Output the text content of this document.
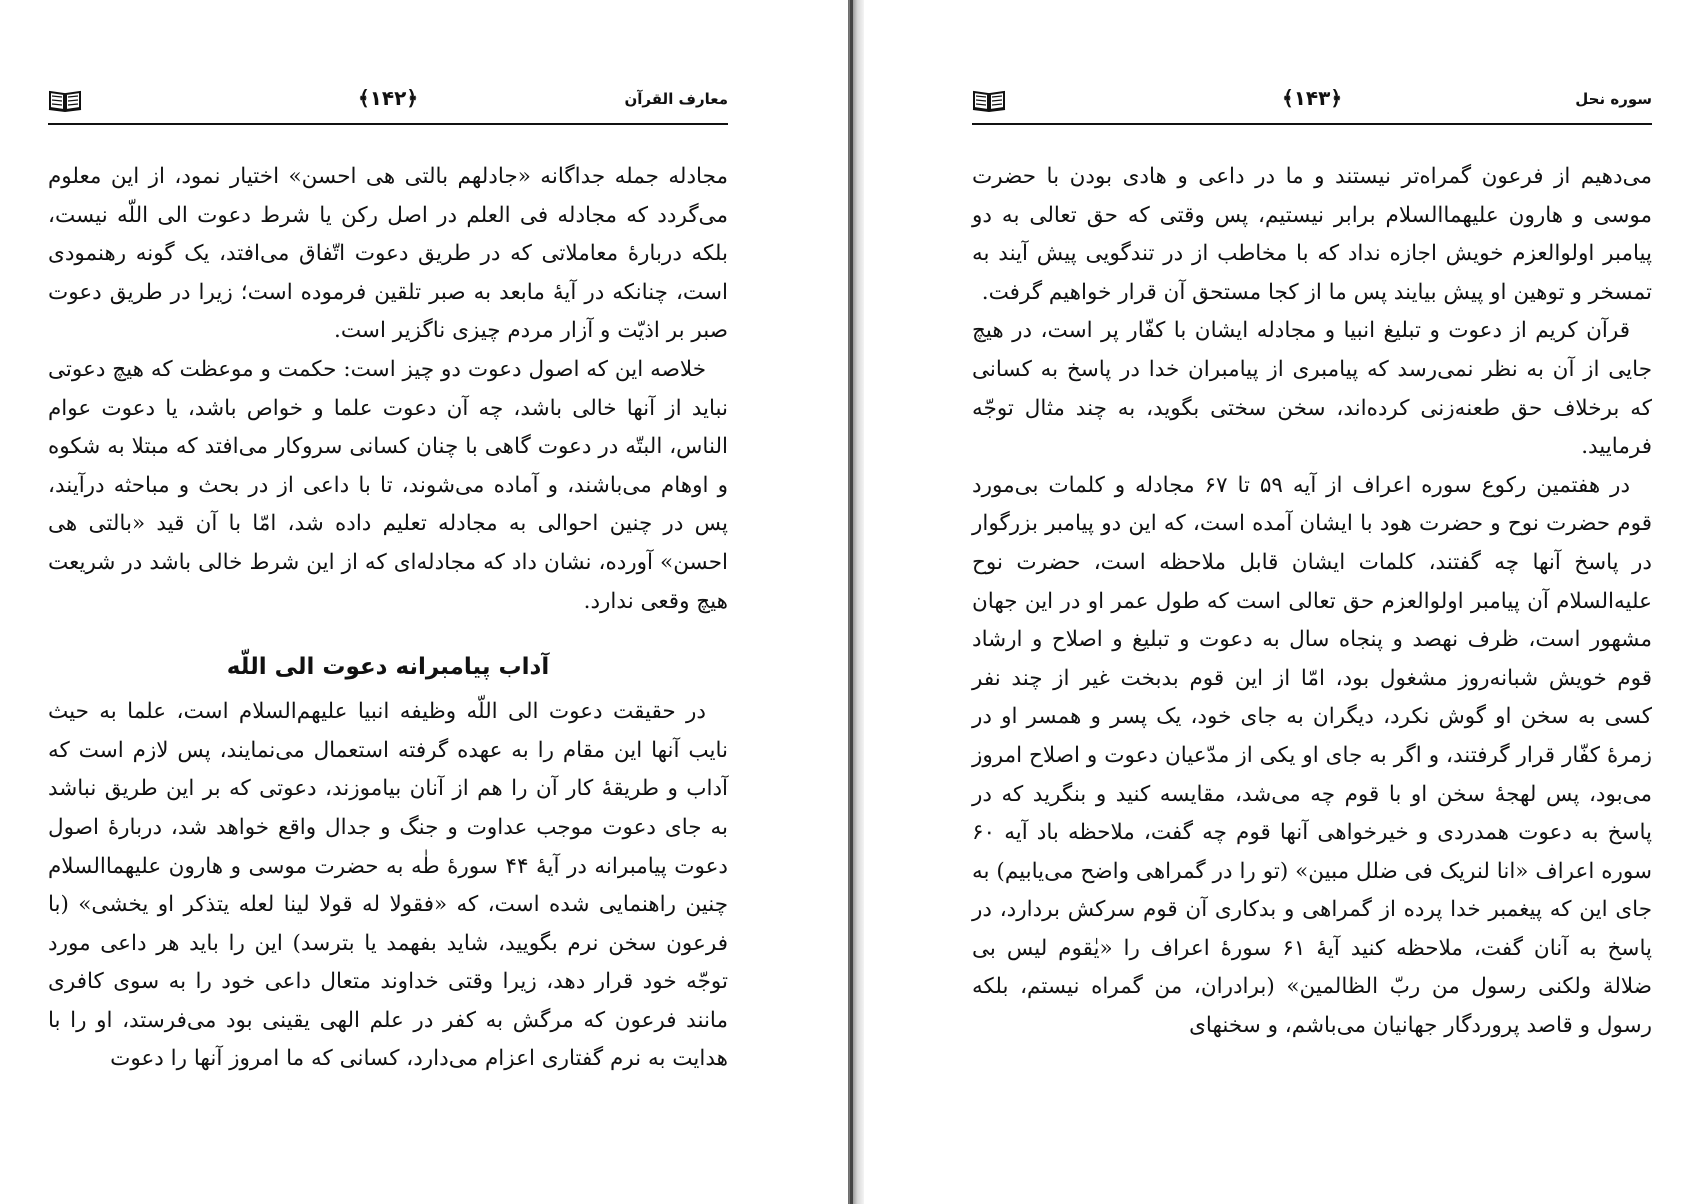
معارف القرآن
﴿۱۴۲﴾

مجادله جمله جداگانه «جادلهم بالتی هی احسن» اختیار نمود، از این معلوم می‌گردد که مجادله فی العلم در اصل رکن یا شرط دعوت الی اللّه نیست، بلکه دربارهٔ معاملاتی که در طریق دعوت اتّفاق می‌افتد، یک گونه رهنمودی است، چنانکه در آیهٔ مابعد به صبر تلقین فرموده است؛ زیرا در طریق دعوت صبر بر اذیّت و آزار مردم چیزی ناگزیر است.

خلاصه این که اصول دعوت دو چیز است: حکمت و موعظت که هیچ دعوتی نباید از آنها خالی باشد، چه آن دعوت علما و خواص باشد، یا دعوت عوام الناس، البتّه در دعوت گاهی با چنان کسانی سروکار می‌افتد که مبتلا به شکوه و اوهام می‌باشند، و آماده می‌شوند، تا با داعی از در بحث و مباحثه درآیند، پس در چنین احوالی به مجادله تعلیم داده شد، امّا با آن قید «بالتی هی احسن» آورده، نشان داد که مجادله‌ای که از این شرط خالی باشد در شریعت هیچ وقعی ندارد.

آداب پیامبرانه دعوت الی اللّه

در حقیقت دعوت الی اللّه وظیفه انبیا علیهم‌السلام است، علما به حیث نایب آنها این مقام را به عهده گرفته استعمال می‌نمایند، پس لازم است که آداب و طریقهٔ کار آن را هم از آنان بیاموزند، دعوتی که بر این طریق نباشد به جای دعوت موجب عداوت و جنگ و جدال واقع خواهد شد، دربارهٔ اصول دعوت پیامبرانه در آیهٔ ۴۴ سورهٔ طٰه به حضرت موسی و هارون علیهماالسلام چنین راهنمایی شده است، که «فقولا له قولا لینا لعله یتذکر او یخشی» (با فرعون سخن نرم بگویید، شاید بفهمد یا بترسد) این را باید هر داعی مورد توجّه خود قرار دهد، زیرا وقتی خداوند متعال داعی خود را به سوی کافری مانند فرعون که مرگش به کفر در علم الهی یقینی بود می‌فرستد، او را با هدایت به نرم گفتاری اعزام می‌دارد، کسانی که ما امروز آنها را دعوت

سوره نحل
﴿۱۴۳﴾

می‌دهیم از فرعون گمراه‌تر نیستند و ما در داعی و هادی بودن با حضرت موسی و هارون علیهماالسلام برابر نیستیم، پس وقتی که حق تعالی به دو پیامبر اولوالعزم خویش اجازه نداد که با مخاطب از در تندگویی پیش آیند به تمسخر و توهین او پیش بیایند پس ما از کجا مستحق آن قرار خواهیم گرفت.

قرآن کریم از دعوت و تبلیغ انبیا و مجادله ایشان با کفّار پر است، در هیچ جایی از آن به نظر نمی‌رسد که پیامبری از پیامبران خدا در پاسخ به کسانی که برخلاف حق طعنه‌زنی کرده‌اند، سخن سختی بگوید، به چند مثال توجّه فرمایید.

در هفتمین رکوع سوره اعراف از آیه ۵۹ تا ۶۷ مجادله و کلمات بی‌مورد قوم حضرت نوح و حضرت هود با ایشان آمده است، که این دو پیامبر بزرگوار در پاسخ آنها چه گفتند، کلمات ایشان قابل ملاحظه است، حضرت نوح علیه‌السلام آن پیامبر اولوالعزم حق تعالی است که طول عمر او در این جهان مشهور است، ظرف نهصد و پنجاه سال به دعوت و تبلیغ و اصلاح و ارشاد قوم خویش شبانه‌روز مشغول بود، امّا از این قوم بدبخت غیر از چند نفر کسی به سخن او گوش نکرد، دیگران به جای خود، یک پسر و همسر او در زمرهٔ کفّار قرار گرفتند، و اگر به جای او یکی از مدّعیان دعوت و اصلاح امروز می‌بود، پس لهجهٔ سخن او با قوم چه می‌شد، مقایسه کنید و بنگرید که در پاسخ به دعوت همدردی و خیرخواهی آنها قوم چه گفت، ملاحظه باد آیه ۶۰ سوره اعراف «انا لنریک فی ضلل مبین» (تو را در گمراهی واضح می‌یابیم) به جای این که پیغمبر خدا پرده از گمراهی و بدکاری آن قوم سرکش بردارد، در پاسخ به آنان گفت، ملاحظه کنید آیهٔ ۶۱ سورهٔ اعراف را «یٰقوم لیس بی ضلالة ولکنی رسول من ربّ الظالمین» (برادران، من گمراه نیستم، بلکه رسول و قاصد پروردگار جهانیان می‌باشم، و سخنهای
